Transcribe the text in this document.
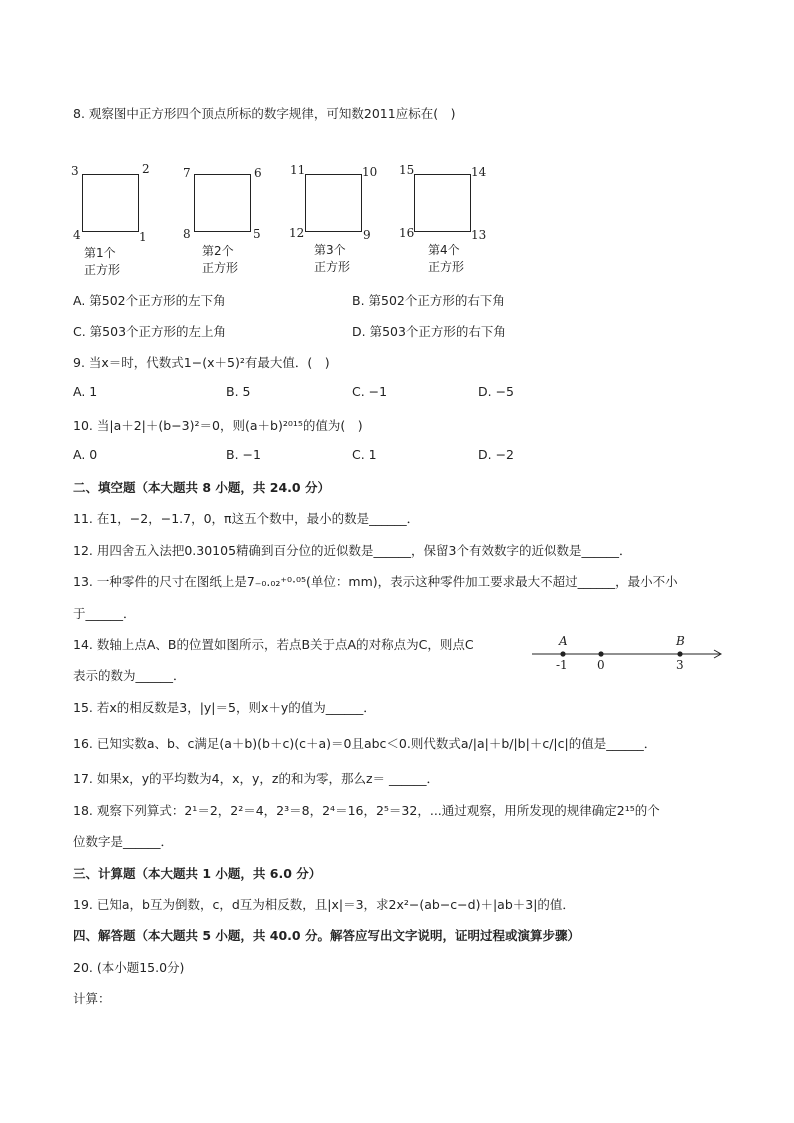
8. 观察图中正方形四个顶点所标的数字规律，可知数2011应标在(　)
3	2
4	1
第1个
正方形
7	6
8	5
第2个
正方形
11	10
12	9
第3个
正方形
15	14
16	13
第4个
正方形
A. 第502个正方形的左下角	B. 第502个正方形的右下角
C. 第503个正方形的左上角	D. 第503个正方形的右下角
9. 当x＝时，代数式1−(x＋5)²有最大值．(　)
A. 1	B. 5	C. −1	D. −5
10. 当|a＋2|＋(b−3)²＝0，则(a＋b)²⁰¹⁵的值为(　)
A. 0	B. −1	C. 1	D. −2
二、填空题（本大题共 8 小题，共 24.0 分）
11. 在1，−2，−1.7，0，π这五个数中，最小的数是______．
12. 用四舍五入法把0.30105精确到百分位的近似数是______，保留3个有效数字的近似数是______．
13. 一种零件的尺寸在图纸上是7₋₀.₀₂⁺⁰·⁰⁵(单位：mm)，表示这种零件加工要求最大不超过______，最小不小
于______．
14. 数轴上点A、B的位置如图所示，若点B关于点A的对称点为C，则点C
表示的数为______．
A	B
-1 0	3
15. 若x的相反数是3，|y|＝5，则x＋y的值为______．
16. 已知实数a、b、c满足(a＋b)(b＋c)(c＋a)＝0且abc＜0.则代数式a/|a|＋b/|b|＋c/|c|的值是______．
17. 如果x，y的平均数为4，x，y，z的和为零，那么z＝ ______．
18. 观察下列算式：2¹＝2，2²＝4，2³＝8，2⁴＝16，2⁵＝32，...通过观察，用所发现的规律确定2¹⁵的个
位数字是______．
三、计算题（本大题共 1 小题，共 6.0 分）
19. 已知a，b互为倒数，c，d互为相反数，且|x|＝3，求2x²−(ab−c−d)＋|ab＋3|的值．
四、解答题（本大题共 5 小题，共 40.0 分。解答应写出文字说明，证明过程或演算步骤）
20. (本小题15.0分)
计算：
